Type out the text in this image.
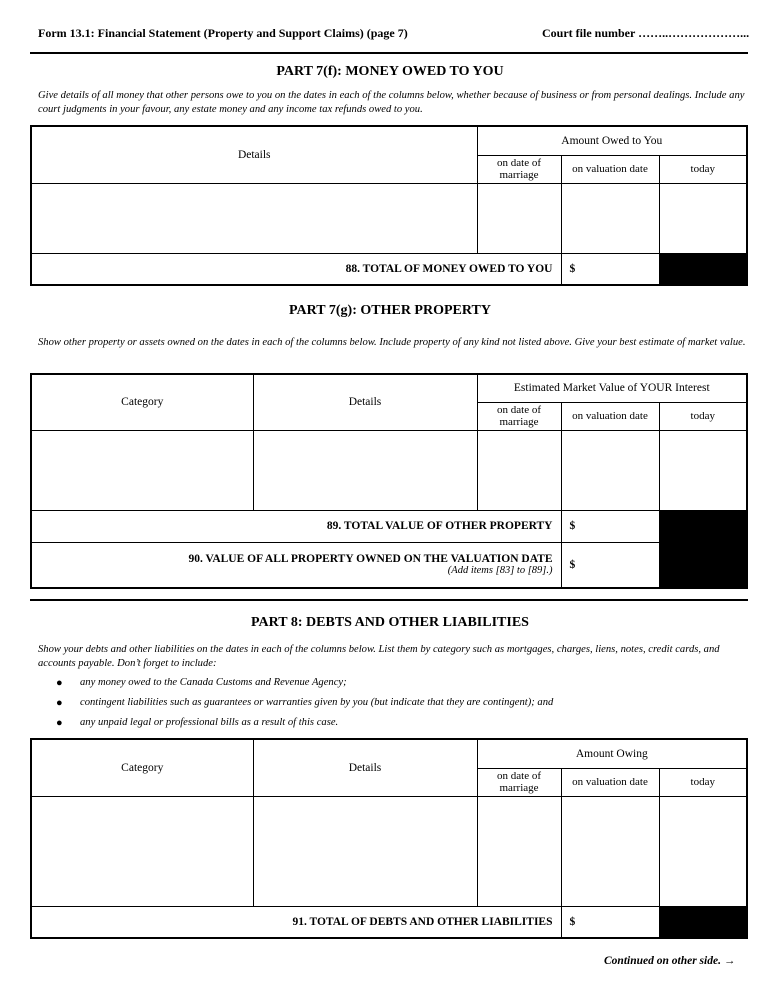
Form 13.1: Financial Statement (Property and Support Claims) (page 7)	Court file number ……..………………...
PART 7(f): MONEY OWED TO YOU
Give details of all money that other persons owe to you on the dates in each of the columns below, whether because of business or from personal dealings. Include any court judgments in your favour, any estate money and any income tax refunds owed to you.
Details	Amount Owed to You		
	on date of marriage	on valuation date	today

88. TOTAL OF MONEY OWED TO YOU		$	
PART 7(g): OTHER PROPERTY
Show other property or assets owned on the dates in each of the columns below. Include property of any kind not listed above. Give your best estimate of market value.
Category	Details	Estimated Market Value of YOUR Interest		
		on date of marriage	on valuation date	today

89. TOTAL VALUE OF OTHER PROPERTY			$	

90. VALUE OF ALL PROPERTY OWNED ON THE VALUATION DATE
(Add items [83] to [89].)			$	
PART 8: DEBTS AND OTHER LIABILITIES
Show your debts and other liabilities on the dates in each of the columns below. List them by category such as mortgages, charges, liens, notes, credit cards, and accounts payable. Don’t forget to include:
● any money owed to the Canada Customs and Revenue Agency;
● contingent liabilities such as guarantees or warranties given by you (but indicate that they are contingent); and
● any unpaid legal or professional bills as a result of this case.
Category	Details	Amount Owing		
		on date of marriage	on valuation date	today

91. TOTAL OF DEBTS AND OTHER LIABILITIES			$	
Continued on other side. →
